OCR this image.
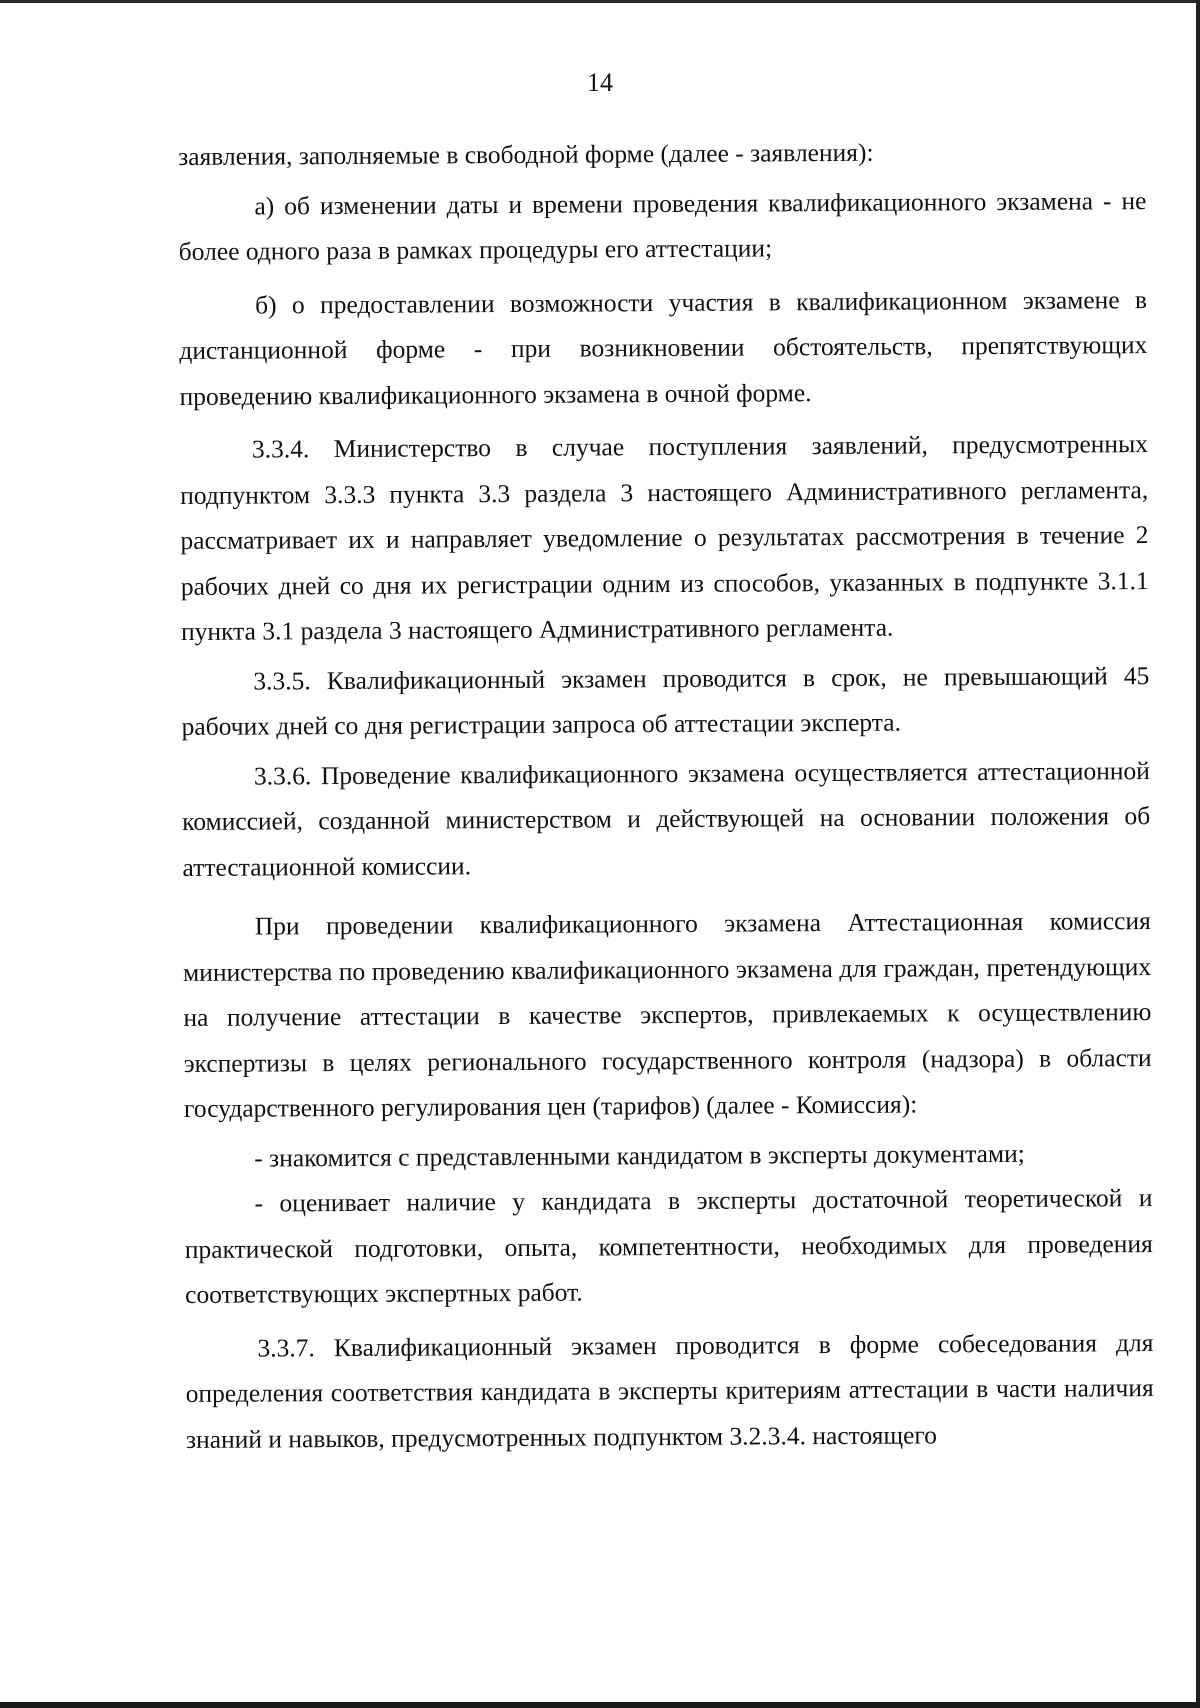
14

заявления, заполняемые в свободной форме (далее - заявления):

а) об изменении даты и времени проведения квалификационного экзамена - не более одного раза в рамках процедуры его аттестации;

б) о предоставлении возможности участия в квалификационном экзамене в дистанционной форме - при возникновении обстоятельств, препятствующих проведению квалификационного экзамена в очной форме.

3.3.4. Министерство в случае поступления заявлений, предусмотренных подпунктом 3.3.3 пункта 3.3 раздела 3 настоящего Административного регламента, рассматривает их и направляет уведомление о результатах рассмотрения в течение 2 рабочих дней со дня их регистрации одним из способов, указанных в подпункте 3.1.1 пункта 3.1 раздела 3 настоящего Административного регламента.

3.3.5. Квалификационный экзамен проводится в срок, не превышающий 45 рабочих дней со дня регистрации запроса об аттестации эксперта.

3.3.6. Проведение квалификационного экзамена осуществляется аттестационной комиссией, созданной министерством и действующей на основании положения об аттестационной комиссии.

При проведении квалификационного экзамена Аттестационная комиссия министерства по проведению квалификационного экзамена для граждан, претендующих на получение аттестации в качестве экспертов, привлекаемых к осуществлению экспертизы в целях регионального государственного контроля (надзора) в области государственного регулирования цен (тарифов) (далее - Комиссия):

- знакомится с представленными кандидатом в эксперты документами;

- оценивает наличие у кандидата в эксперты достаточной теоретической и практической подготовки, опыта, компетентности, необходимых для проведения соответствующих экспертных работ.

3.3.7. Квалификационный экзамен проводится в форме собеседования для определения соответствия кандидата в эксперты критериям аттестации в части наличия знаний и навыков, предусмотренных подпунктом 3.2.3.4. настоящего
